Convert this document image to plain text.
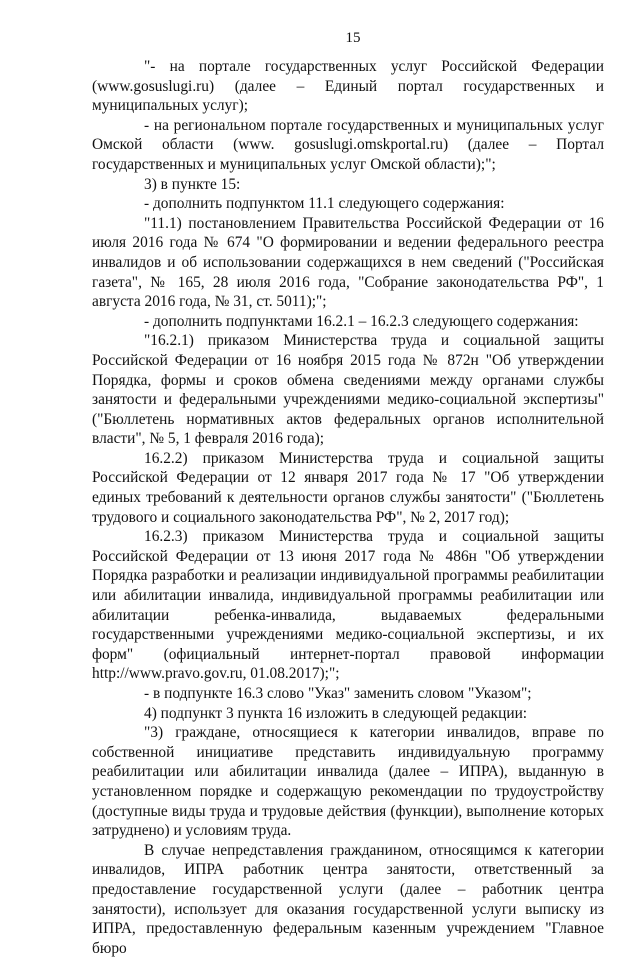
15

"- на порталe государственных услуг Российской Федерации (www.gosuslugi.ru) (далее – Единый портал государственных и муниципальных услуг);

- на региональном портале государственных и муниципальных услуг Омской области (www. gosuslugi.omskportal.ru) (далее – Портал государственных и муниципальных услуг Омской области);";

3) в пункте 15:

- дополнить подпунктом 11.1 следующего содержания:

"11.1) постановлением Правительства Российской Федерации от 16 июля 2016 года № 674 "О формировании и ведении федерального реестра инвалидов и об использовании содержащихся в нем сведений ("Российская газета", № 165, 28 июля 2016 года, "Собрание законодательства РФ", 1 августа 2016 года, № 31, ст. 5011);";

- дополнить подпунктами 16.2.1 – 16.2.3 следующего содержания:

"16.2.1) приказом Министерства труда и социальной защиты Российской Федерации от 16 ноября 2015 года № 872н "Об утверждении Порядка, формы и сроков обмена сведениями между органами службы занятости и федеральными учреждениями медико-социальной экспертизы" ("Бюллетень нормативных актов федеральных органов исполнительной власти", № 5, 1 февраля 2016 года);

16.2.2) приказом Министерства труда и социальной защиты Российской Федерации от 12 января 2017 года № 17 "Об утверждении единых требований к деятельности органов службы занятости" ("Бюллетень трудового и социального законодательства РФ", № 2, 2017 год);

16.2.3) приказом Министерства труда и социальной защиты Российской Федерации от 13 июня 2017 года № 486н "Об утверждении Порядка разработки и реализации индивидуальной программы реабилитации или абилитации инвалида, индивидуальной программы реабилитации или абилитации ребенка-инвалида, выдаваемых федеральными государственными учреждениями медико-социальной экспертизы, и их форм" (официальный интернет-портал правовой информации http://www.pravo.gov.ru, 01.08.2017);";

- в подпункте 16.3 слово "Указ" заменить словом "Указом";

4) подпункт 3 пункта 16 изложить в следующей редакции:

"3) граждане, относящиеся к категории инвалидов, вправе по собственной инициативе представить индивидуальную программу реабилитации или абилитации инвалида (далее – ИПРА), выданную в установленном порядке и содержащую рекомендации по трудоустройству (доступные виды труда и трудовые действия (функции), выполнение которых затруднено) и условиям труда.

В случае непредставления гражданином, относящимся к категории инвалидов, ИПРА работник центра занятости, ответственный за предоставление государственной услуги (далее – работник центра занятости), использует для оказания государственной услуги выписку из ИПРА, предоставленную федеральным казенным учреждением "Главное бюро
